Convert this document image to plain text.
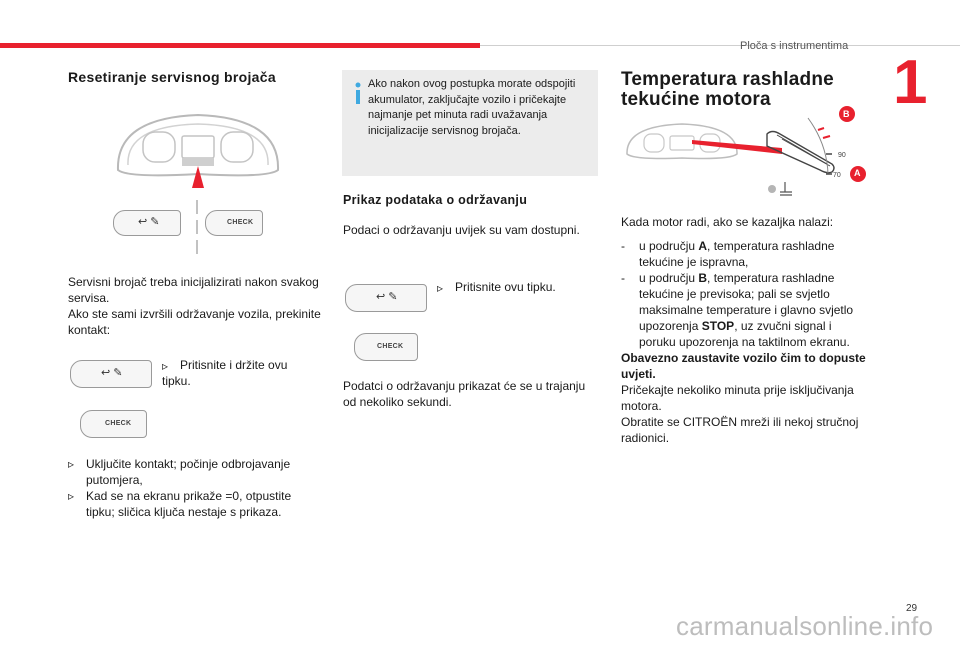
Ploča s instrumentima
1
Resetiranje servisnog brojača
↩ ✎	CHECK
Servisni brojač treba inicijalizirati nakon svakog servisa.
Ako ste sami izvršili održavanje vozila, prekinite kontakt:
↩ ✎	▹ Pritisnite i držite ovu tipku.
CHECK
▹ Uključite kontakt; počinje odbrojavanje putomjera,
▹ Kad se na ekranu prikaže =0, otpustite tipku; sličica ključa nestaje s prikaza.
Ako nakon ovog postupka morate odspojiti akumulator, zaključajte vozilo i pričekajte najmanje pet minuta radi uvažavanja inicijalizacije servisnog brojača.
Prikaz podataka o održavanju
Podaci o održavanju uvijek su vam dostupni.
↩ ✎
▹ Pritisnite ovu tipku.
CHECK
Podatci o održavanju prikazat će se u trajanju od nekoliko sekundi.
Temperatura rashladne
tekućine motora
90
70
B
A
Kada motor radi, ako se kazaljka nalazi:
- u području A, temperatura rashladne tekućine je ispravna,
- u području B, temperatura rashladne tekućine je previsoka; pali se svjetlo maksimalne temperature i glavno svjetlo upozorenja STOP, uz zvučni signal i poruku upozorenja na taktilnom ekranu.
Obavezno zaustavite vozilo čim to dopuste uvjeti.
Pričekajte nekoliko minuta prije isključivanja motora.
Obratite se CITROËN mreži ili nekoj stručnoj radionici.
29
carmanualsonline.info
